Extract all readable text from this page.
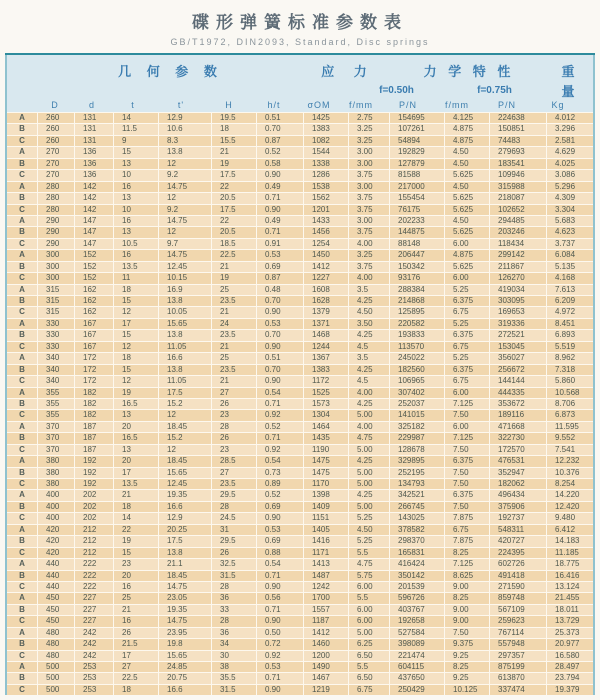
碟形弹簧标准参数表
GB/T1972, DIN2093, Standard, Disc springs
几 何 参 数	应 力	力 学 特 性	重
f=0.50h	f=0.75h	量
D	d	t	t'	H	h/t	σOM	f/mm	P/N	f/mm	P/N	Kg
A	260	131	14	12.9	19.5	0.51	1425	2.75	154695	4.125	224638	4.012
B	260	131	11.5	10.6	18	0.70	1383	3.25	107261	4.875	150851	3.296
C	260	131	9	8.3	15.5	0.87	1082	3.25	54894	4.875	74483	2.581
A	270	136	15	13.8	21	0.52	1544	3.00	192829	4.50	279693	4.629
B	270	136	13	12	19	0.58	1338	3.00	127879	4.50	183541	4.025
C	270	136	10	9.2	17.5	0.90	1286	3.75	81588	5.625	109946	3.086
A	280	142	16	14.75	22	0.49	1538	3.00	217000	4.50	315988	5.296
B	280	142	13	12	20.5	0.71	1562	3.75	155454	5.625	218087	4.309
C	280	142	10	9.2	17.5	0.90	1201	3.75	76175	5.625	102652	3.304
A	290	147	16	14.75	22	0.49	1433	3.00	202233	4.50	294485	5.683
B	290	147	13	12	20.5	0.71	1456	3.75	144875	5.625	203246	4.623
C	290	147	10.5	9.7	18.5	0.91	1254	4.00	88148	6.00	118434	3.737
A	300	152	16	14.75	22.5	0.53	1450	3.25	206447	4.875	299142	6.084
B	300	152	13.5	12.45	21	0.69	1412	3.75	150342	5.625	211867	5.135
C	300	152	11	10.15	19	0.87	1227	4.00	93176	6.00	126270	4.168
A	315	162	18	16.9	25	0.48	1608	3.5	288384	5.25	419034	7.613
B	315	162	15	13.8	23.5	0.70	1628	4.25	214868	6.375	303095	6.209
C	315	162	12	10.05	21	0.90	1379	4.50	125895	6.75	169653	4.972
A	330	167	17	15.65	24	0.53	1371	3.50	220582	5.25	319336	8.451
B	330	167	15	13.8	23.5	0.70	1468	4.25	193833	6.375	272521	6.893
C	330	167	12	11.05	21	0.90	1244	4.5	113570	6.75	153045	5.519
A	340	172	18	16.6	25	0.51	1367	3.5	245022	5.25	356027	8.962
B	340	172	15	13.8	23.5	0.70	1383	4.25	182560	6.375	256672	7.318
C	340	172	12	11.05	21	0.90	1172	4.5	106965	6.75	144144	5.860
A	355	182	19	17.5	27	0.54	1525	4.00	307402	6.00	444335	10.568
B	355	182	16.5	15.2	26	0.71	1573	4.25	252037	7.125	353672	8.706
C	355	182	13	12	23	0.92	1304	5.00	141015	7.50	189116	6.873
A	370	187	20	18.45	28	0.52	1464	4.00	325182	6.00	471668	11.595
B	370	187	16.5	15.2	26	0.71	1435	4.75	229987	7.125	322730	9.552
C	370	187	13	12	23	0.92	1190	5.00	128678	7.50	172570	7.541
A	380	192	20	18.45	28.5	0.54	1475	4.25	329895	6.375	476531	12.232
B	380	192	17	15.65	27	0.73	1475	5.00	252195	7.50	352947	10.376
C	380	192	13.5	12.45	23.5	0.89	1170	5.00	134793	7.50	182062	8.254
A	400	202	21	19.35	29.5	0.52	1398	4.25	342521	6.375	496434	14.220
B	400	202	18	16.6	28	0.69	1409	5.00	266745	7.50	375906	12.420
C	400	202	14	12.9	24.5	0.90	1151	5.25	143025	7.875	192737	9.480
A	420	212	22	20.25	31	0.53	1405	4.50	378582	6.75	548311	6.412
B	420	212	19	17.5	29.5	0.69	1416	5.25	298370	7.875	420727	14.183
C	420	212	15	13.8	26	0.88	1171	5.5	165831	8.25	224395	11.185
A	440	222	23	21.1	32.5	0.54	1413	4.75	416424	7.125	602726	18.775
B	440	222	20	18.45	31.5	0.71	1487	5.75	350142	8.625	491418	16.416
C	440	222	16	14.75	28	0.90	1242	6.00	201539	9.00	271590	13.124
A	450	227	25	23.05	36	0.56	1700	5.5	596726	8.25	859748	21.455
B	450	227	21	19.35	33	0.71	1557	6.00	403767	9.00	567109	18.011
C	450	227	16	14.75	28	0.90	1187	6.00	192658	9.00	259623	13.729
A	480	242	26	23.95	36	0.50	1412	5.00	527584	7.50	767114	25.373
B	480	242	21.5	19.8	34	0.72	1460	6.25	398089	9.375	557948	20.977
C	480	242	17	15.65	30	0.92	1200	6.50	221474	9.25	297357	16.580
A	500	253	27	24.85	38	0.53	1490	5.5	604115	8.25	875199	28.497
B	500	253	22.5	20.75	35.5	0.71	1467	6.50	437650	9.25	613870	23.794
C	500	253	18	16.6	31.5	0.90	1219	6.75	250429	10.125	337474	19.379
